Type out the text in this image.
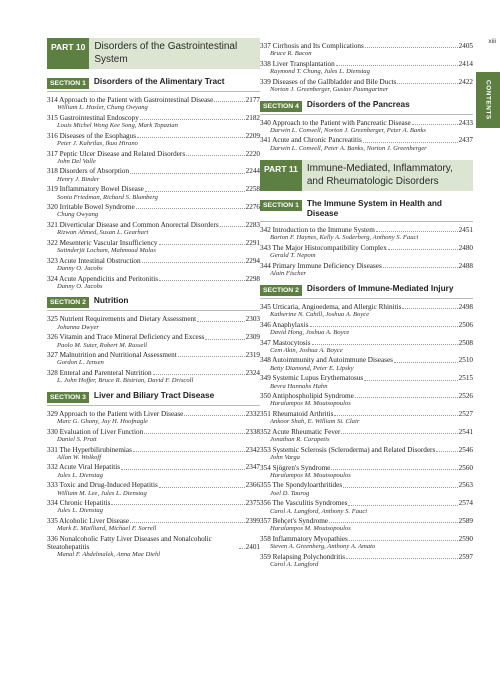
xiii
CONTENTS
PART 10 Disorders of the Gastrointestinal System
SECTION 1 Disorders of the Alimentary Tract
314 Approach to the Patient with Gastrointestinal Disease	2177
William L. Hasler, Chung Owyang
315 Gastrointestinal Endoscopy	2182
Louis Michel Wong Kee Song, Mark Topazian
316 Diseases of the Esophagus	2209
Peter J. Kahrilas, Ikuo Hirano
317 Peptic Ulcer Disease and Related Disorders	2220
John Del Valle
318 Disorders of Absorption	2244
Henry J. Binder
319 Inflammatory Bowel Disease	2258
Sonia Friedman, Richard S. Blumberg
320 Irritable Bowel Syndrome	2276
Chung Owyang
321 Diverticular Disease and Common Anorectal Disorders	2283
Rizwan Ahmed, Susan L. Gearhart
322 Mesenteric Vascular Insufficiency	2291
Satinderjit Locham, Mahmoud Malas
323 Acute Intestinal Obstruction	2294
Danny O. Jacobs
324 Acute Appendicitis and Peritonitis	2298
Danny O. Jacobs
SECTION 2 Nutrition
325 Nutrient Requirements and Dietary Assessment	2303
Johanna Dwyer
326 Vitamin and Trace Mineral Deficiency and Excess	2309
Paolo M. Suter, Robert M. Russell
327 Malnutrition and Nutritional Assessment	2319
Gordon L. Jensen
328 Enteral and Parenteral Nutrition	2324
L. John Hoffer, Bruce R. Bistrian, David F. Driscoll
SECTION 3 Liver and Biliary Tract Disease
329 Approach to the Patient with Liver Disease	2332
Marc G. Ghany, Jay H. Hoofnagle
330 Evaluation of Liver Function	2338
Daniel S. Pratt
331 The Hyperbilirubinemias	2342
Allan W. Wolkoff
332 Acute Viral Hepatitis	2347
Jules L. Dienstag
333 Toxic and Drug-Induced Hepatitis	2366
William M. Lee, Jules L. Dienstag
334 Chronic Hepatitis	2375
Jules L. Dienstag
335 Alcoholic Liver Disease	2399
Mark E. Mailliard, Michael F. Sorrell
336 Nonalcoholic Fatty Liver Diseases and Nonalcoholic Steatohepatitis	2401
Manal F. Abdelmalek, Anna Mae Diehl
337 Cirrhosis and Its Complications	2405
Bruce R. Bacon
338 Liver Transplantation	2414
Raymond T. Chung, Jules L. Dienstag
339 Diseases of the Gallbladder and Bile Ducts	2422
Norton J. Greenberger, Gustav Paumgartner
SECTION 4 Disorders of the Pancreas
340 Approach to the Patient with Pancreatic Disease	2433
Darwin L. Conwell, Norton J. Greenberger, Peter A. Banks
341 Acute and Chronic Pancreatitis	2437
Darwin L. Conwell, Peter A. Banks, Norton J. Greenberger
PART 11 Immune-Mediated, Inflammatory, and Rheumatologic Disorders
SECTION 1 The Immune System in Health and Disease
342 Introduction to the Immune System	2451
Barton F. Haynes, Kelly A. Soderberg, Anthony S. Fauci
343 The Major Histocompatibility Complex	2480
Gerald T. Nepom
344 Primary Immune Deficiency Diseases	2488
Alain Fischer
SECTION 2 Disorders of Immune-Mediated Injury
345 Urticaria, Angioedema, and Allergic Rhinitis	2498
Katherine N. Cahill, Joshua A. Boyce
346 Anaphylaxis	2506
David Hong, Joshua A. Boyce
347 Mastocytosis	2508
Cem Akin, Joshua A. Boyce
348 Autoimmunity and Autoimmune Diseases	2510
Betty Diamond, Peter E. Lipsky
349 Systemic Lupus Erythematosus	2515
Bevra Hannahs Hahn
350 Antiphospholipid Syndrome	2526
Haralampos M. Moutsopoulos
351 Rheumatoid Arthritis	2527
Ankoor Shah, E. William St. Clair
352 Acute Rheumatic Fever	2541
Jonathan R. Carapetis
353 Systemic Sclerosis (Scleroderma) and Related Disorders	2546
John Varga
354 Sjögren's Syndrome	2560
Haralampos M. Moutsopoulos
355 The Spondyloarthritides	2563
Joel D. Taurog
356 The Vasculitis Syndromes	2574
Carol A. Langford, Anthony S. Fauci
357 Behçet's Syndrome	2589
Haralampos M. Moutsopoulos
358 Inflammatory Myopathies	2590
Steven A. Greenberg, Anthony A. Amato
359 Relapsing Polychondritis	2597
Carol A. Langford
